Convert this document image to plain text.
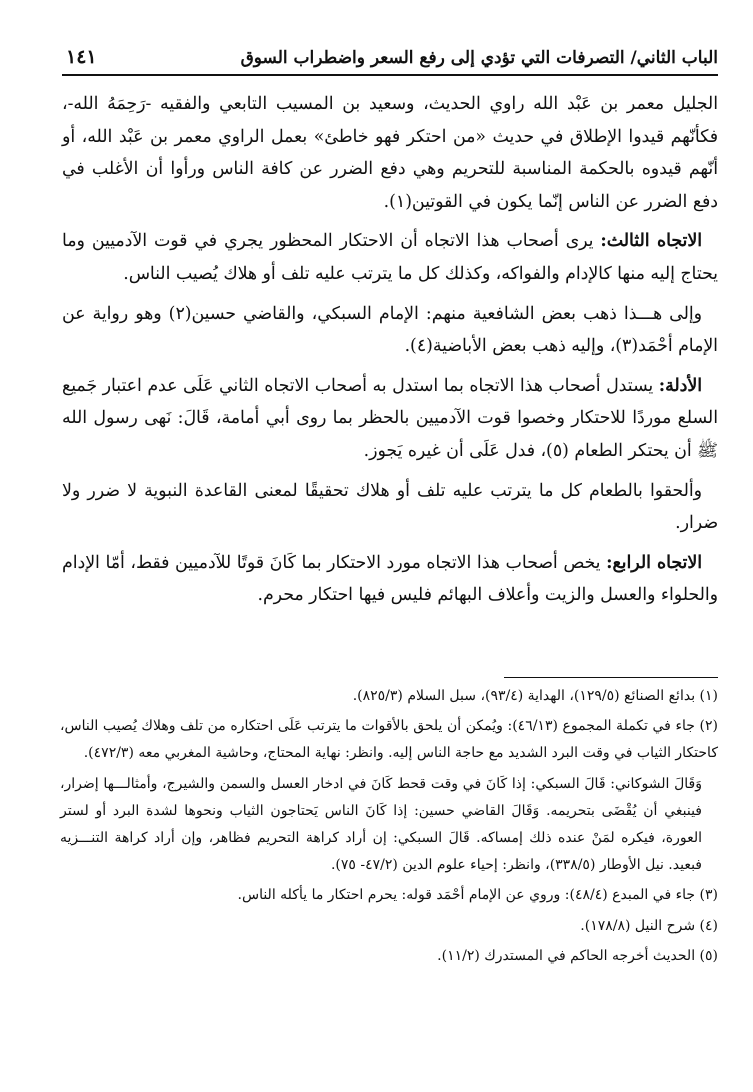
الباب الثاني/ التصرفات التي تؤدي إلى رفع السعر واضطراب السوق
١٤١

الجليل معمر بن عَبْد الله راوي الحديث، وسعيد بن المسيب التابعي والفقيه -رَحِمَهُ الله-، فكأنّهم قيدوا الإطلاق في حديث «من احتكر فهو خاطئ» بعمل الراوي معمر بن عَبْد الله، أو أنّهم قيدوه بالحكمة المناسبة للتحريم وهي دفع الضرر عن كافة الناس ورأوا أن الأغلب في دفع الضرر عن الناس إنّما يكون في القوتين(١).

الاتجاه الثالث: يرى أصحاب هذا الاتجاه أن الاحتكار المحظور يجري في قوت الآدميين وما يحتاج إليه منها كالإدام والفواكه، وكذلك كل ما يترتب عليه تلف أو هلاك يُصيب الناس.

وإلى هـــذا ذهب بعض الشافعية منهم: الإمام السبكي، والقاضي حسين(٢) وهو رواية عن الإمام أحْمَد(٣)، وإليه ذهب بعض الأباضية(٤).

الأدلة: يستدل أصحاب هذا الاتجاه بما استدل به أصحاب الاتجاه الثاني عَلَى عدم اعتبار جَميع السلع موردًا للاحتكار وخصوا قوت الآدميين بالحظر بما روى أبي أمامة، قَالَ: نَهى رسول الله ﷺ أن يحتكر الطعام (٥)، فدل عَلَى أن غيره يَجوز.

وألحقوا بالطعام كل ما يترتب عليه تلف أو هلاك تحقيقًا لمعنى القاعدة النبوية لا ضرر ولا ضرار.

الاتجاه الرابع: يخص أصحاب هذا الاتجاه مورد الاحتكار بما كَانَ قوتًا للآدميين فقط، أمّا الإدام والحلواء والعسل والزيت وأعلاف البهائم فليس فيها احتكار محرم.

(١) بدائع الصنائع (١٢٩/٥)، الهداية (٩٣/٤)، سبل السلام (٨٢٥/٣).

(٢) جاء في تكملة المجموع (٤٦/١٣): ويُمكن أن يلحق بالأقوات ما يترتب عَلَى احتكاره من تلف وهلاك يُصيب الناس، كاحتكار الثياب في وقت البرد الشديد مع حاجة الناس إليه. وانظر: نهاية المحتاج، وحاشية المغربي معه (٤٧٢/٣).

وَقَالَ الشوكاني: قَالَ السبكي: إذا كَانَ في وقت قحط كَانَ في ادخار العسل والسمن والشيرج، وأمثالـــها إضرار، فينبغي أن يُقْضَى بتحريمه. وَقَالَ القاضي حسين: إذا كَانَ الناس يَحتاجون الثياب ونحوها لشدة البرد أو لستر العورة، فيكره لمَنْ عنده ذلك إمساكه. قَالَ السبكي: إن أراد كراهة التحريم فظاهر، وإن أراد كراهة التنـــزيه فبعيد. نيل الأوطار (٣٣٨/٥)، وانظر: إحياء علوم الدين (٤٧/٢- ٧٥).

(٣) جاء في المبدع (٤٨/٤): وروي عن الإمام أحْمَد قوله: يحرم احتكار ما يأكله الناس.

(٤) شرح النيل (١٧٨/٨).

(٥) الحديث أخرجه الحاكم في المستدرك (١١/٢).
